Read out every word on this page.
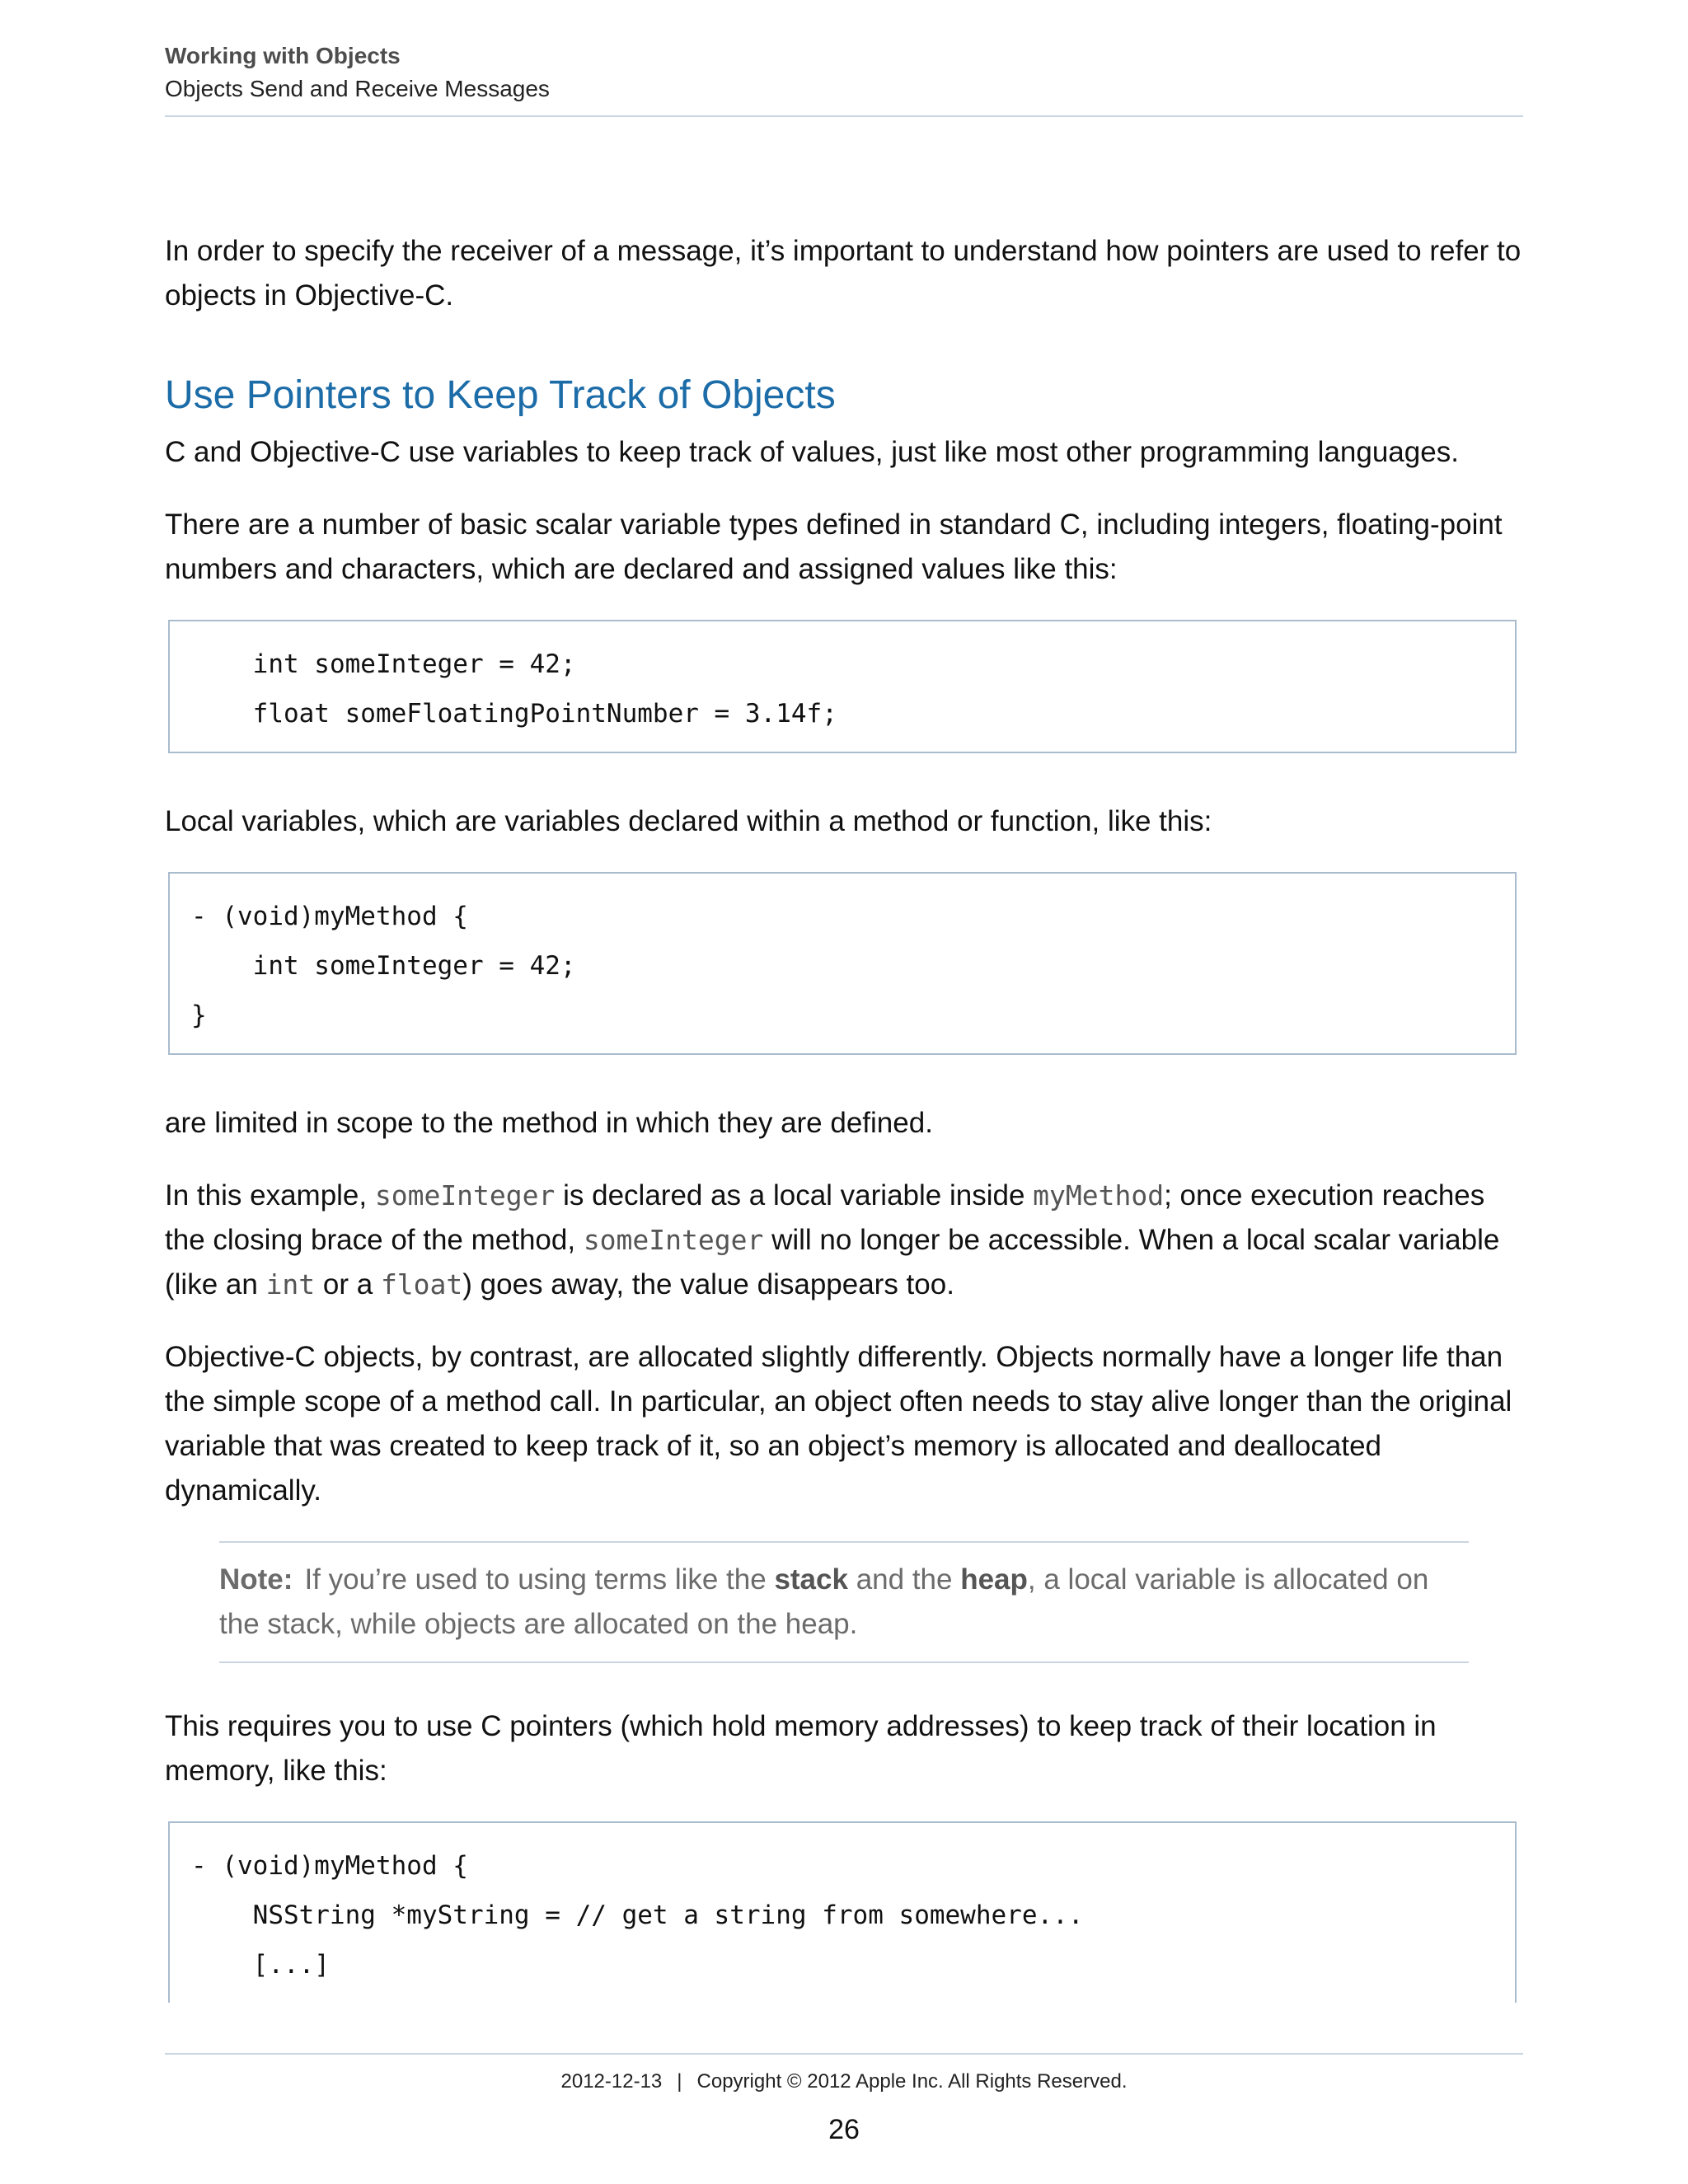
Working with Objects
Objects Send and Receive Messages

In order to specify the receiver of a message, it’s important to understand how pointers are used to refer to objects in Objective-C.

Use Pointers to Keep Track of Objects

C and Objective-C use variables to keep track of values, just like most other programming languages.

There are a number of basic scalar variable types defined in standard C, including integers, floating-point numbers and characters, which are declared and assigned values like this:

int someInteger = 42;
float someFloatingPointNumber = 3.14f;

Local variables, which are variables declared within a method or function, like this:

- (void)myMethod {
int someInteger = 42;
}

are limited in scope to the method in which they are defined.

In this example, someInteger is declared as a local variable inside myMethod; once execution reaches the closing brace of the method, someInteger will no longer be accessible. When a local scalar variable (like an int or a float) goes away, the value disappears too.

Objective-C objects, by contrast, are allocated slightly differently. Objects normally have a longer life than the simple scope of a method call. In particular, an object often needs to stay alive longer than the original variable that was created to keep track of it, so an object’s memory is allocated and deallocated dynamically.

Note: If you’re used to using terms like the stack and the heap, a local variable is allocated on the stack, while objects are allocated on the heap.

This requires you to use C pointers (which hold memory addresses) to keep track of their location in memory, like this:

- (void)myMethod {
NSString *myString = // get a string from somewhere...
[...]
2012-12-13 | Copyright © 2012 Apple Inc. All Rights Reserved.
26
